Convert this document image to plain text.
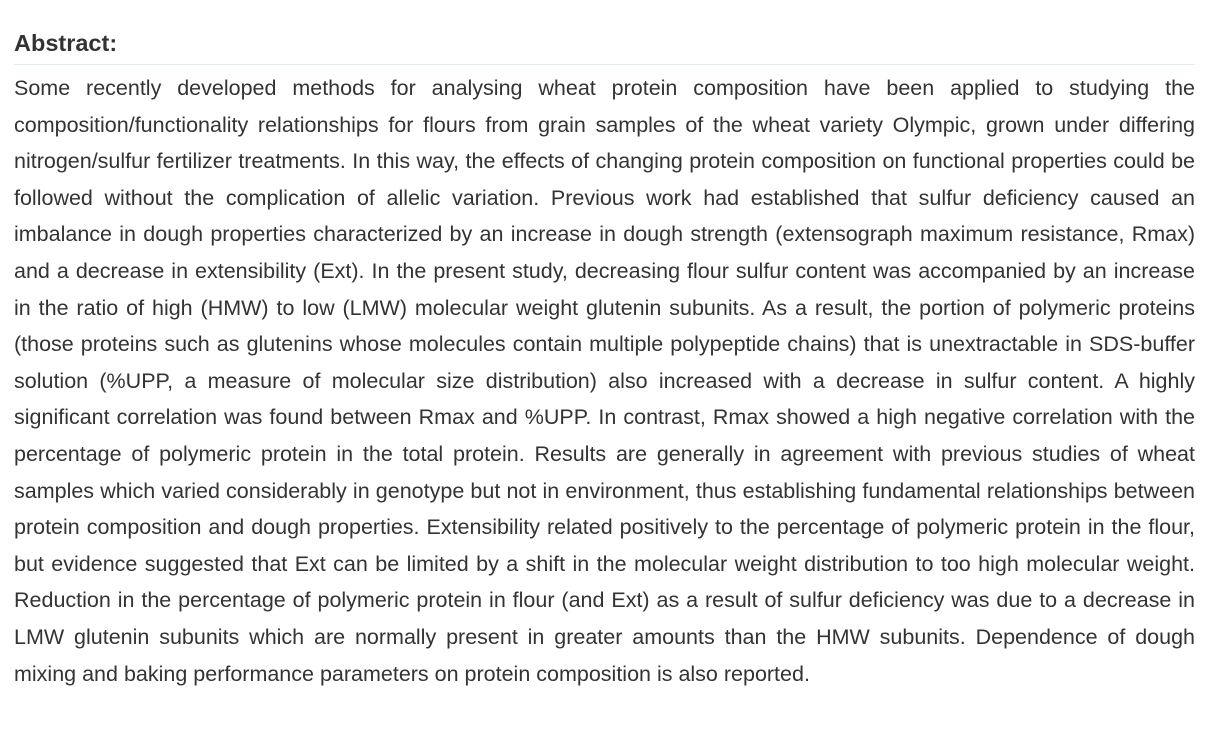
Abstract:

Some recently developed methods for analysing wheat protein composition have been applied to studying the composition/functionality relationships for flours from grain samples of the wheat variety Olympic, grown under differing nitrogen/sulfur fertilizer treatments. In this way, the effects of changing protein composition on functional properties could be followed without the complication of allelic variation. Previous work had established that sulfur deficiency caused an imbalance in dough properties characterized by an increase in dough strength (extensograph maximum resistance, Rmax) and a decrease in extensibility (Ext). In the present study, decreasing flour sulfur content was accompanied by an increase in the ratio of high (HMW) to low (LMW) molecular weight glutenin subunits. As a result, the portion of polymeric proteins (those proteins such as glutenins whose molecules contain multiple polypeptide chains) that is unextractable in SDS-buffer solution (%UPP, a measure of molecular size distribution) also increased with a decrease in sulfur content. A highly significant correlation was found between Rmax and %UPP. In contrast, Rmax showed a high negative correlation with the percentage of polymeric protein in the total protein. Results are generally in agreement with previous studies of wheat samples which varied considerably in genotype but not in environment, thus establishing fundamental relationships between protein composition and dough properties. Extensibility related positively to the percentage of polymeric protein in the flour, but evidence suggested that Ext can be limited by a shift in the molecular weight distribution to too high molecular weight. Reduction in the percentage of polymeric protein in flour (and Ext) as a result of sulfur deficiency was due to a decrease in LMW glutenin subunits which are normally present in greater amounts than the HMW subunits. Dependence of dough mixing and baking performance parameters on protein composition is also reported.
